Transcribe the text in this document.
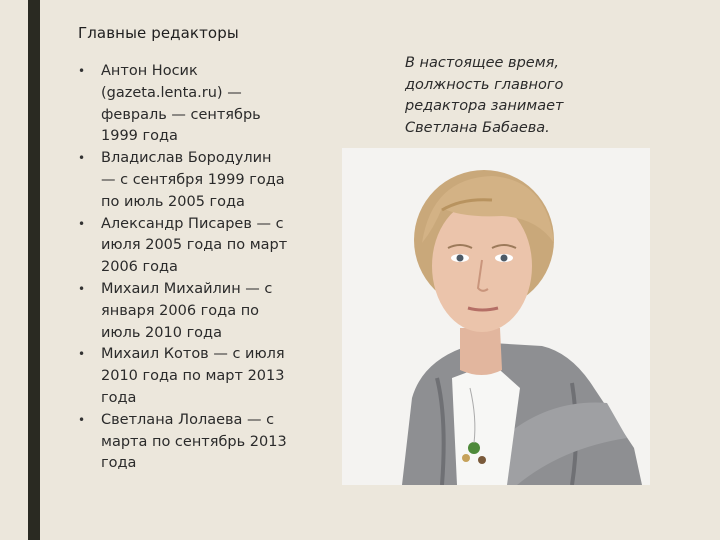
Главные редакторы
•	Антон Носик (gazeta.lenta.ru) — февраль — сентябрь 1999 года
•	Владислав Бородулин — с сентября 1999 года по июль 2005 года
•	Александр Писарев — с июля 2005 года по март 2006 года
•	Михаил Михайлин — с января 2006 года по июль 2010 года
•	Михаил Котов — с июля 2010 года по март 2013 года
•	Светлана Лолаева — с марта по сентябрь 2013 года
В настоящее время, должность главного редактора занимает Светлана Бабаева.
